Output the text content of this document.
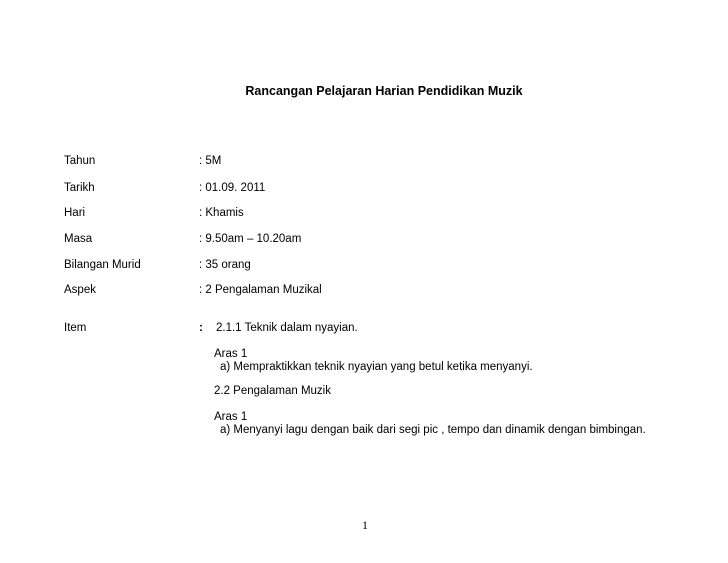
Rancangan Pelajaran Harian Pendidikan Muzik
Tahun	: 5M
Tarikh	: 01.09. 2011
Hari	: Khamis
Masa	: 9.50am – 10.20am
Bilangan Murid	: 35 orang
Aspek	: 2 Pengalaman Muzikal
Item	: 2.1.1 Teknik dalam nyayian.
Aras 1
a) Mempraktikkan teknik nyayian yang betul ketika menyanyi.
2.2 Pengalaman Muzik
Aras 1
a) Menyanyi lagu dengan baik dari segi pic , tempo dan dinamik dengan bimbingan.
1
